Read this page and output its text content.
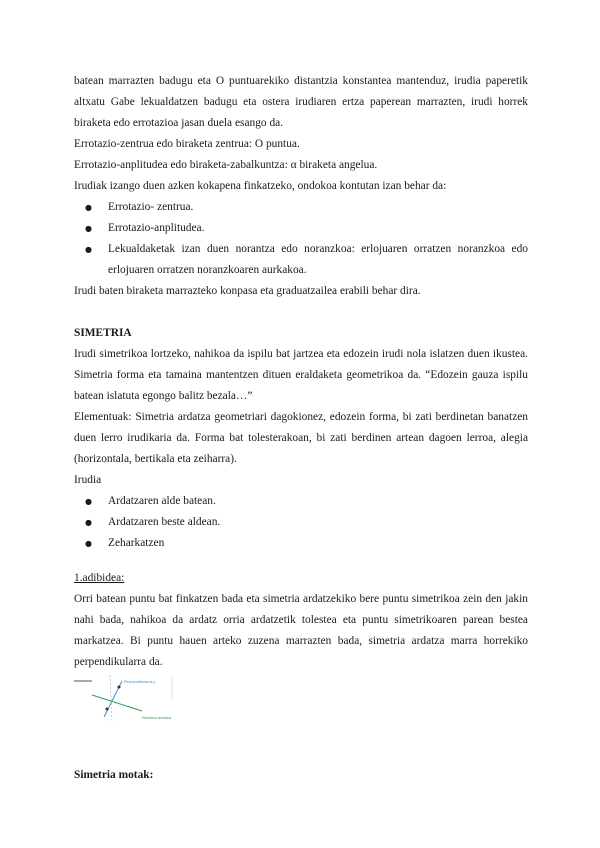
batean marrazten badugu eta O puntuarekiko distantzia konstantea mantenduz, irudia paperetik altxatu Gabe lekualdatzen badugu eta ostera irudiaren ertza paperean marrazten, irudi horrek biraketa edo errotazioa jasan duela esango da.

Errotazio-zentrua edo biraketa zentrua: O puntua.

Errotazio-anplitudea edo biraketa-zabalkuntza: α biraketa angelua.

Irudiak izango duen azken kokapena finkatzeko, ondokoa kontutan izan behar da:

● Errotazio- zentrua.
● Errotazio-anplitudea.
● Lekualdaketak izan duen norantza edo noranzkoa: erlojuaren orratzen noranzkoa edo erlojuaren orratzen noranzkoaren aurkakoa.

Irudi baten biraketa marrazteko konpasa eta graduatzailea erabili behar dira.

SIMETRIA

Irudi simetrikoa lortzeko, nahikoa da ispilu bat jartzea eta edozein irudi nola islatzen duen ikustea. Simetria forma eta tamaina mantentzen dituen eraldaketa geometrikoa da. “Edozein gauza ispilu batean islatuta egongo balitz bezala…”

Elementuak: Simetria ardatza geometriari dagokionez, edozein forma, bi zati berdinetan banatzen duen lerro irudikaria da. Forma bat tolesterakoan, bi zati berdinen artean dagoen lerroa, alegia (horizontala, bertikala eta zeiharra).

Irudia

● Ardatzaren alde batean.
● Ardatzaren beste aldean.
● Zeharkatzen

1.adibidea:

Orri batean puntu bat finkatzen bada eta simetria ardatzekiko bere puntu simetrikoa zein den jakin nahi bada, nahikoa da ardatz orria ardatzetik tolestea eta puntu simetrikoaren parean bestea markatzea. Bi puntu hauen arteko zuzena marrazten bada, simetria ardatza marra horrekiko perpendikularra da.

Perpendikularra p
Simetria ardatza

Simetria motak:
